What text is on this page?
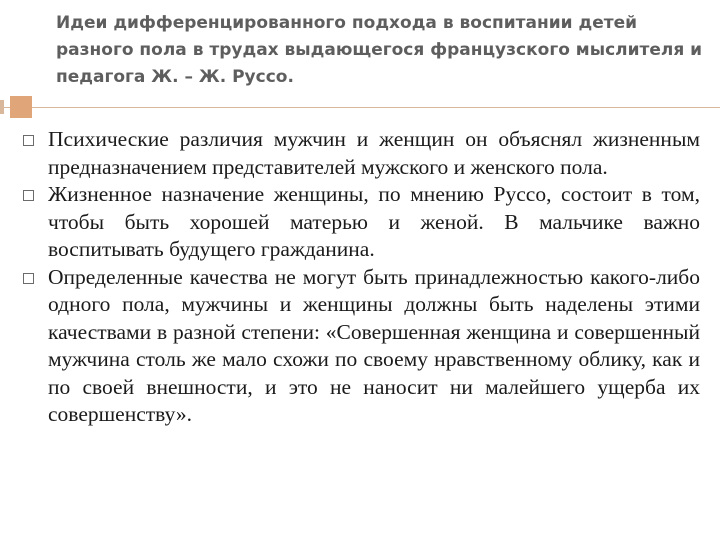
Идеи дифференцированного подхода в воспитании детей разного пола в трудах выдающегося французского мыслителя и педагога Ж. – Ж. Руссо.
Психические различия мужчин и женщин он объяснял жизненным предназначением представителей мужского и женского пола.
Жизненное назначение женщины, по мнению Руссо, состоит в том, чтобы быть хорошей матерью и женой. В мальчике важно воспитывать будущего гражданина.
Определенные качества не могут быть принадлежностью какого-либо одного пола, мужчины и женщины должны быть наделены этими качествами в разной степени: «Совершенная женщина и совершенный мужчина столь же мало схожи по своему нравственному облику, как и по своей внешности, и это не наносит ни малейшего ущерба их совершенству».
